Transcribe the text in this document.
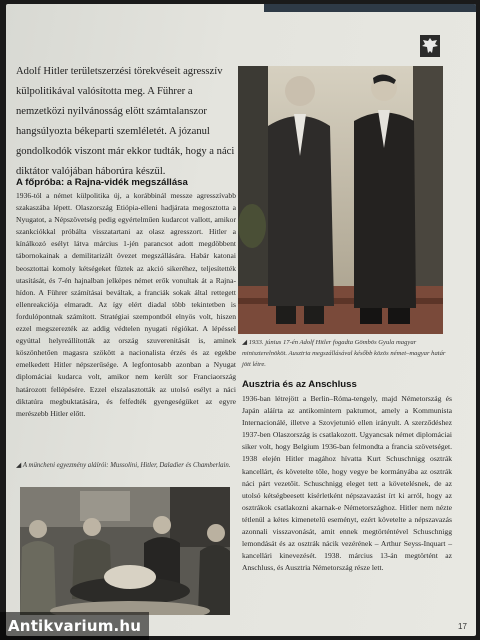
Adolf Hitler területszerzési törekvéseit agresszív külpolitikával valósította meg. A Führer a nemzetközi nyilvánosság elött számtalanszor hangsúlyozta békeparti szemléletét. A józanul gondolkodók viszont már ekkor tudták, hogy a náci diktátor valójában háborúra készül.

A főpróba: a Rajna-vidék megszállása

1936-tól a német külpolitika új, a korábbinál messze agresszívabb szakaszába lépett. Olaszország Etiópia-elleni hadjárata megosztotta a Nyugatot, a Népszövetség pedig egyértelműen kudarcot vallott, amikor szankciókkal próbálta visszatartani az olasz agresszort. Hitler a kínálkozó esélyt látva március 1-jén parancsot adott megdöbbent tábornokainak a demilitarizált övezet megszállására. Habár katonai beosztottai komoly kétségeket fűztek az akció sikeréhez, teljesítették utasítását, és 7-én hajnalban jelképes német erők vonultak át a Rajna-hídon. A Führer számításai beváltak, a franciák sokak által rettegett ellenreakciója elmaradt. Az így elért diadal több tekintetben is fordulópontnak számított. Stratégiai szempontból elnyös volt, hiszen ezzel megszerezték az addig védtelen nyugati régiókat. A lépéssel egyúttal helyreállították az ország szuverenitását is, aminek köszönhetően magasra szökött a nacionalista érzés és az egekbe emelkedett Hitler népszerűsége. A legfontosabb azonban a Nyugat diplomáciai kudarca volt, amikor nem került sor Franciaország határozott fellépésére. Ezzel elszalasztották az utolsó esélyt a náci diktatúra megbuktatására, és felfedték gyengeségüket az egyre merészebb Hitler előtt.

◢ A müncheni egyezmény aláírói: Mussolini, Hitler, Daladier és Chamberlain.
◢ 1933. június 17-én Adolf Hitler fogadta Gömbös Gyula magyar miniszterelnököt. Ausztria megszállásával később közös német–magyar határ jött létre.
Ausztria és az Anschluss

1936-ban létrejött a Berlin–Róma-tengely, majd Németország és Japán aláírta az antikomintern paktumot, amely a Kommunista Internacionálé, illetve a Szovjetunió ellen irányult. A szerződéshez 1937-ben Olaszország is csatlakozott. Ugyancsak német diplomáciai siker volt, hogy Belgium 1936-ban felmondta a francia szövetséget. 1938 elején Hitler magához hívatta Kurt Schuschnigg osztrák kancellárt, és követelte tőle, hogy vegye be kormányába az osztrák náci párt vezetőit. Schuschnigg eleget tett a követelésnek, de az utolsó kétségbeesett kísérletként népszavazást írt ki arról, hogy az osztrákok csatlakozni akarnak-e Németországhoz. Hitler nem nézte tétlenül a kétes kimenetelű eseményt, ezért követelte a népszavazás azonnali visszavonását, amit ennek megtörténtével Schuschnigg lemondását és az osztrák nácik vezérének – Arthur Seyss-Inquart – kancellári kinevezését. 1938. március 13-án megtörtént az Anschluss, és Ausztria Németország része lett.

17
Antikvarium.hu
